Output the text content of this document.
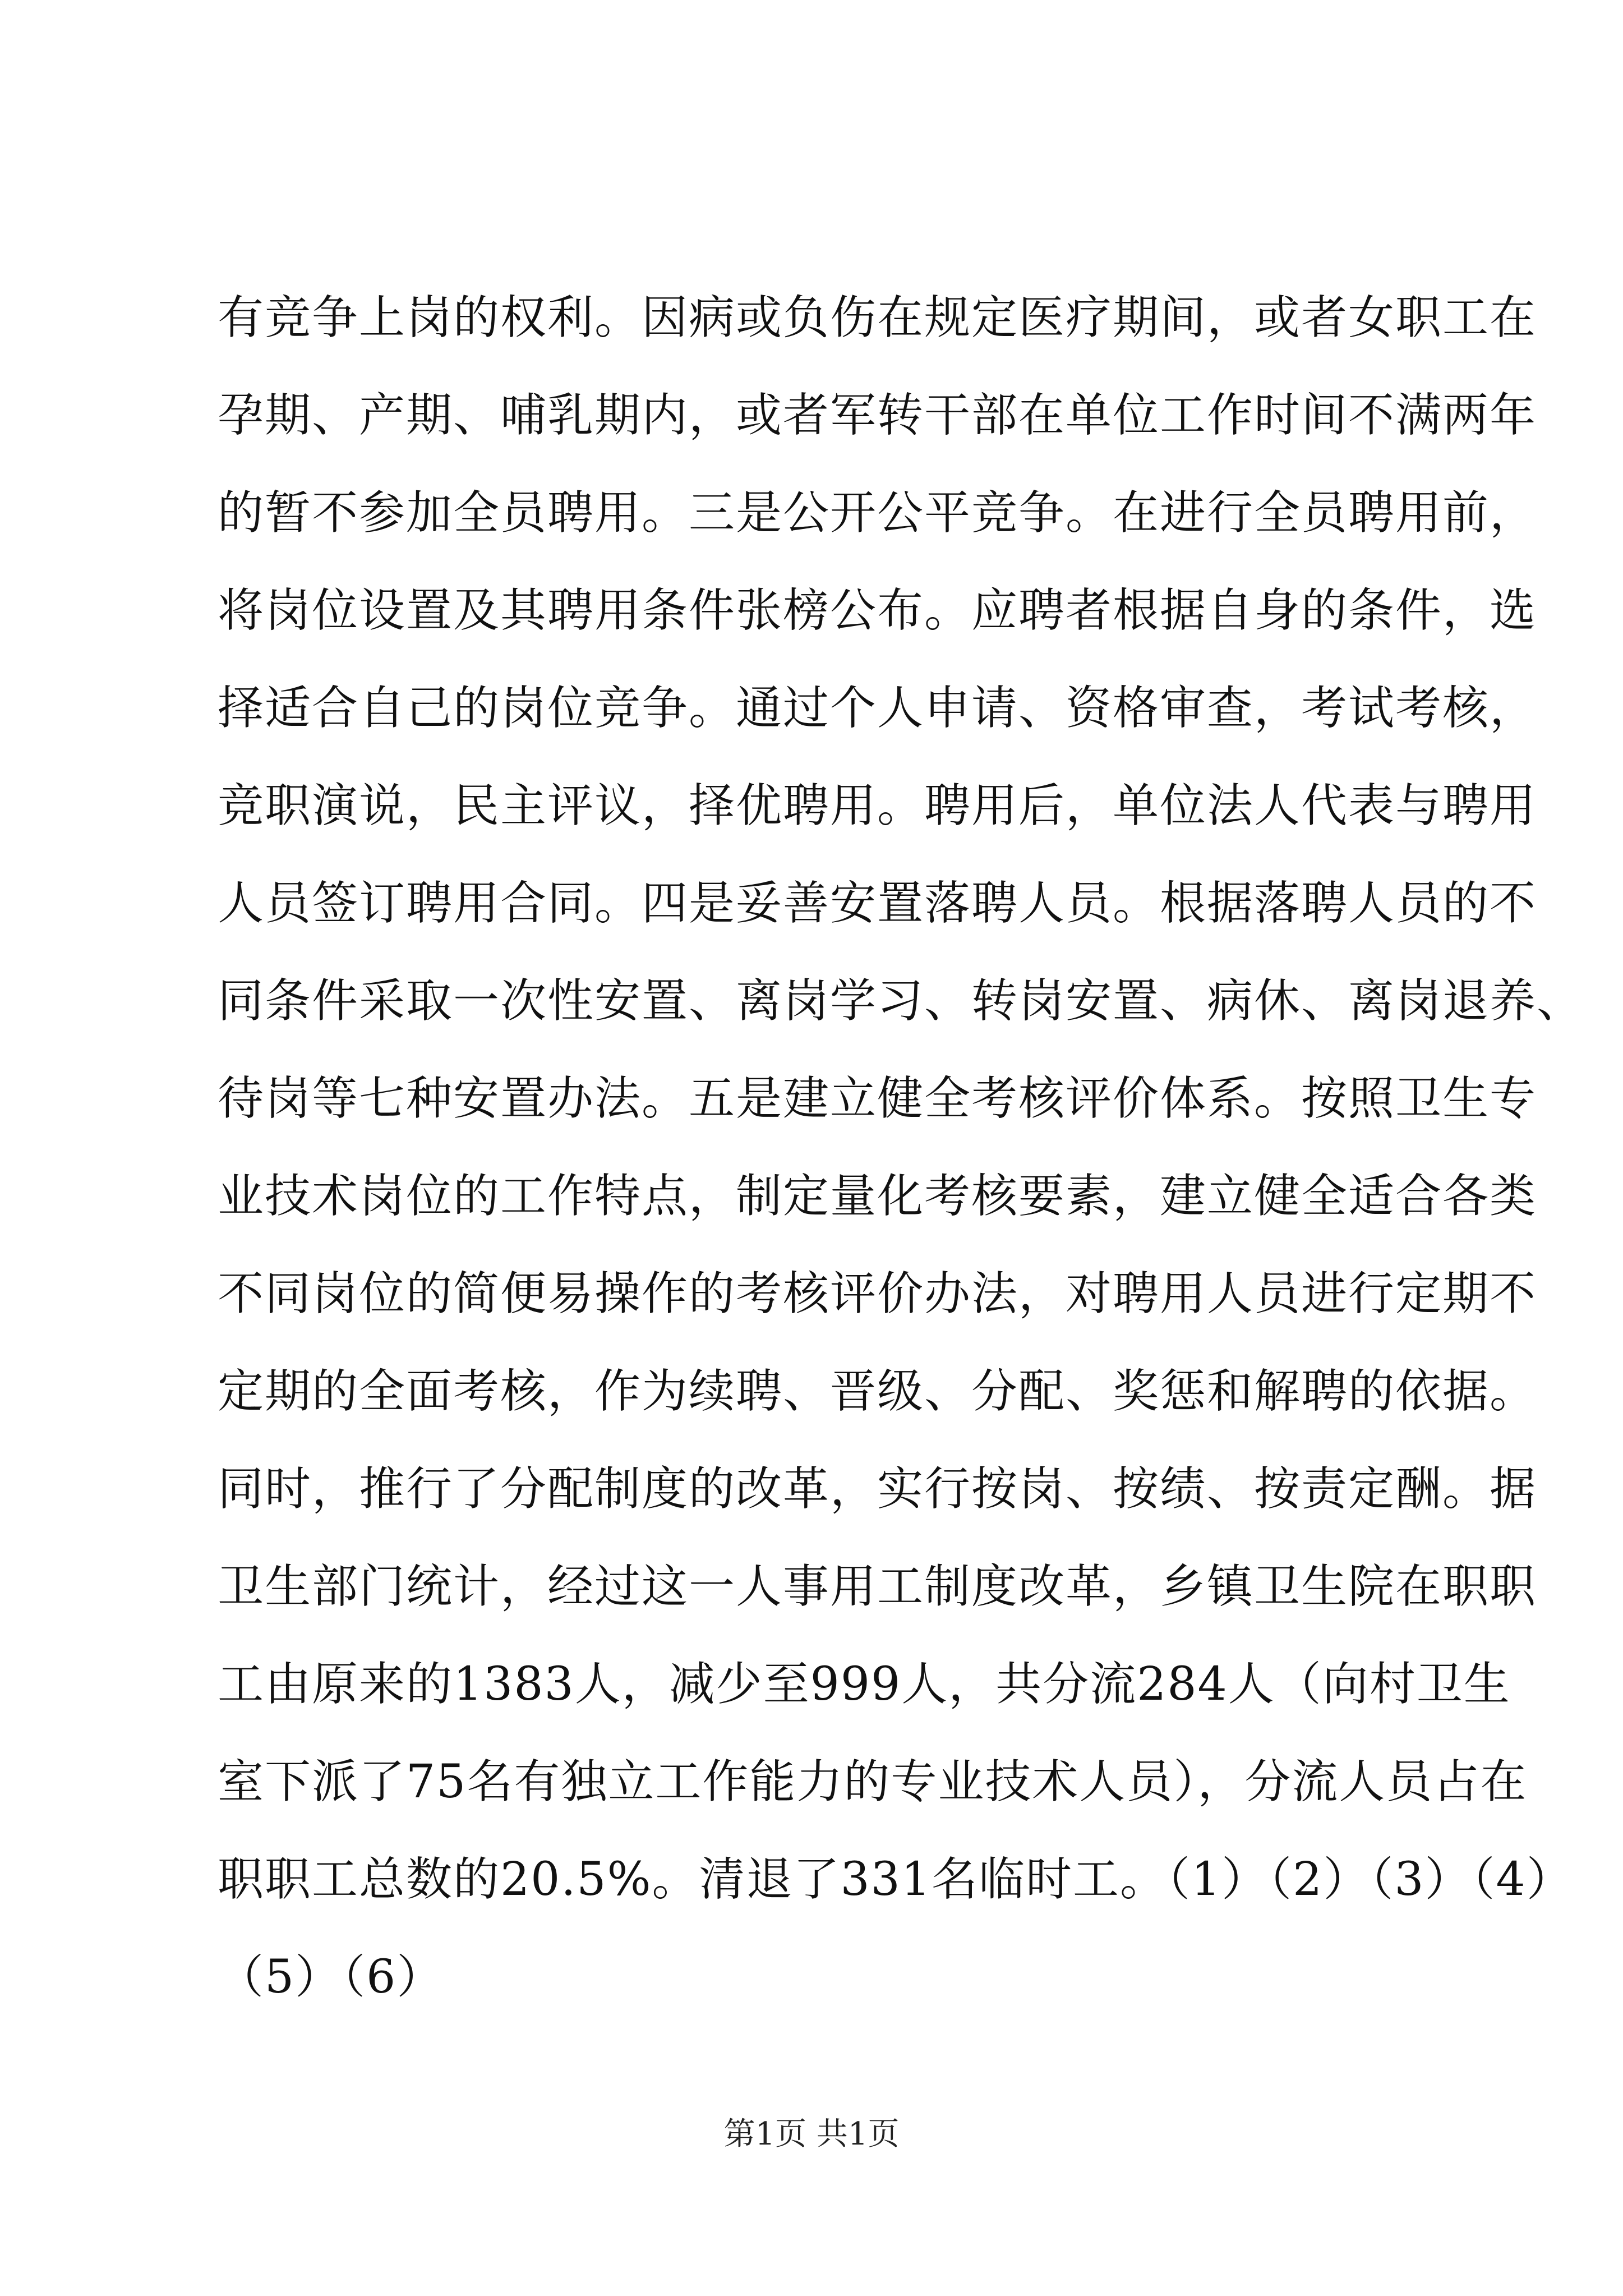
有竞争上岗的权利。因病或负伤在规定医疗期间，或者女职工在
孕期、产期、哺乳期内，或者军转干部在单位工作时间不满两年
的暂不参加全员聘用。三是公开公平竞争。在进行全员聘用前，
将岗位设置及其聘用条件张榜公布。应聘者根据自身的条件，选
择适合自己的岗位竞争。通过个人申请、资格审查，考试考核，
竞职演说，民主评议，择优聘用。聘用后，单位法人代表与聘用
人员签订聘用合同。四是妥善安置落聘人员。根据落聘人员的不
同条件采取一次性安置、离岗学习、转岗安置、病休、离岗退养、
待岗等七种安置办法。五是建立健全考核评价体系。按照卫生专
业技术岗位的工作特点，制定量化考核要素，建立健全适合各类
不同岗位的简便易操作的考核评价办法，对聘用人员进行定期不
定期的全面考核，作为续聘、晋级、分配、奖惩和解聘的依据。
同时，推行了分配制度的改革，实行按岗、按绩、按责定酬。据
卫生部门统计，经过这一人事用工制度改革，乡镇卫生院在职职
工由原来的1383人，减少至999人，共分流284人（向村卫生
室下派了75名有独立工作能力的专业技术人员），分流人员占在
职职工总数的20.5%。清退了331名临时工。（1）（2）（3）（4）
（5）（6）
第1页 共1页
